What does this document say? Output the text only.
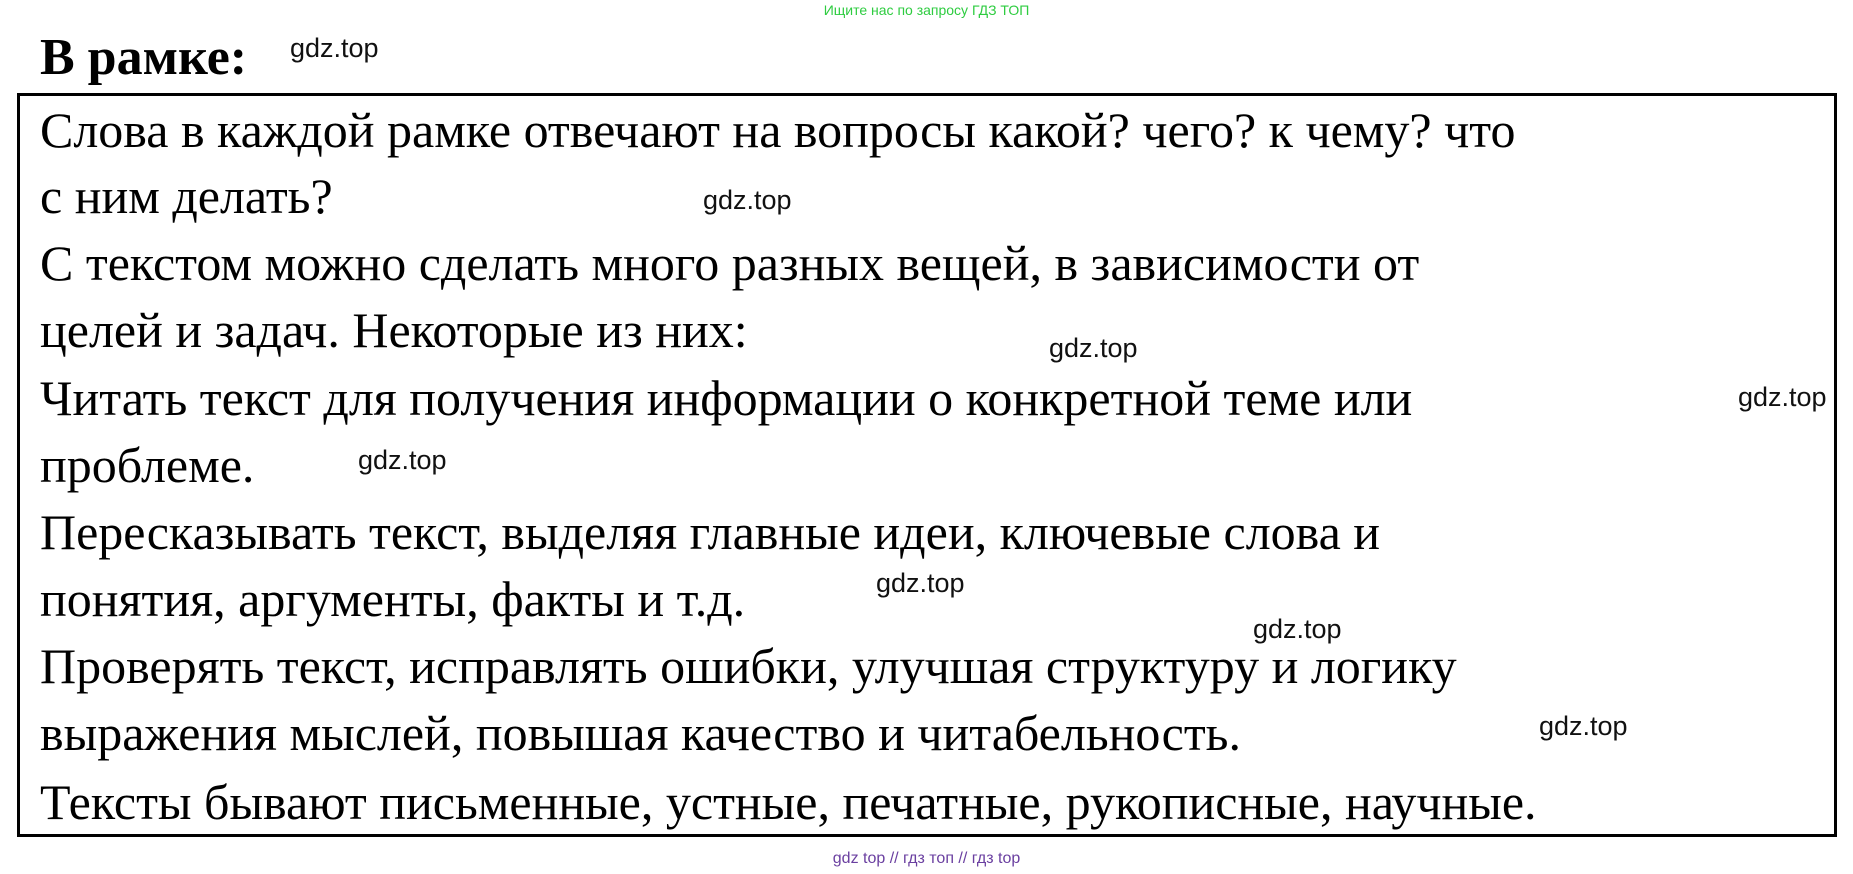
Ищите нас по запросу ГДЗ ТОП
В рамке: gdz.top

Слова в каждой рамке отвечают на вопросы какой? чего? к чему? что

с ним делать?

С текстом можно сделать много разных вещей, в зависимости от

целей и задач. Некоторые из них:

Читать текст для получения информации о конкретной теме или

проблеме.

Пересказывать текст, выделяя главные идеи, ключевые слова и

понятия, аргументы, факты и т.д.

Проверять текст, исправлять ошибки, улучшая структуру и логику

выражения мыслей, повышая качество и читабельность.

Тексты бывают письменные, устные, печатные, рукописные, научные.

gdz.top
gdz.top
gdz.top
gdz.top
gdz.top
gdz.top
gdz.top
gdz top // гдз топ // гдз top
